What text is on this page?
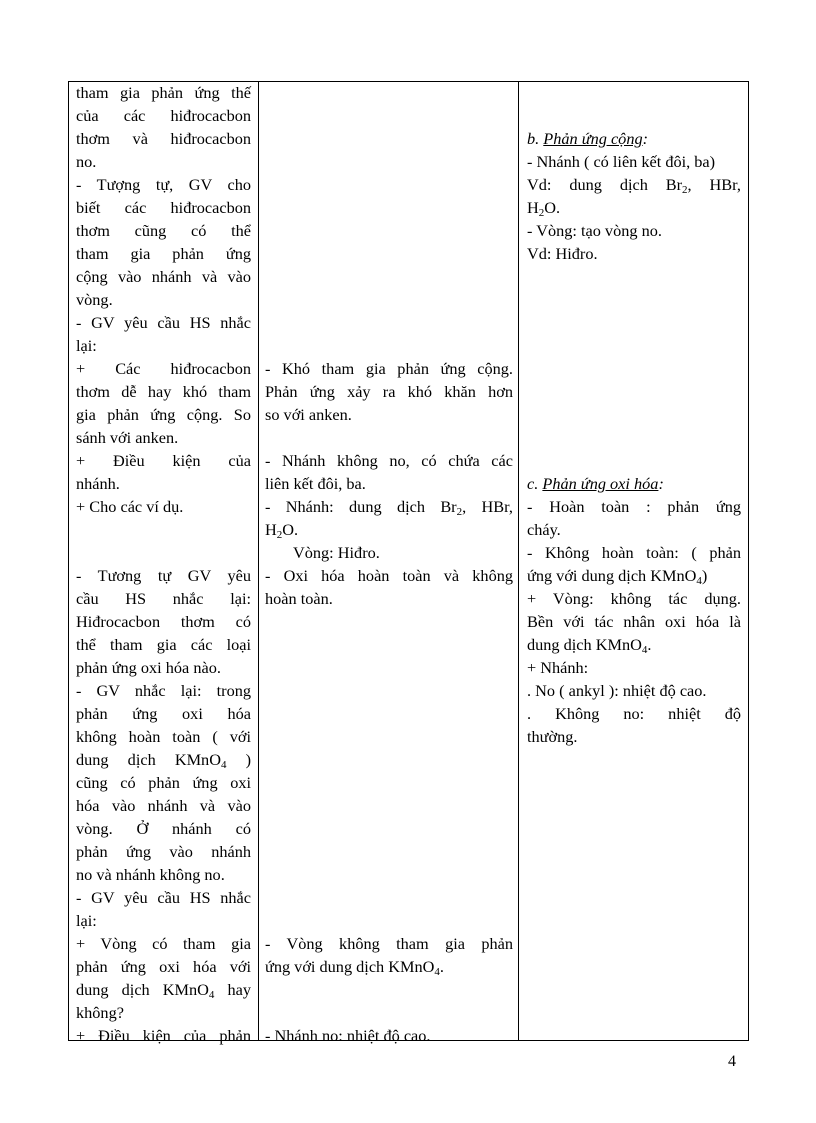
tham gia phản ứng thế
của các hiđrocacbon
thơm và hiđrocacbon
no.
- Tượng tự, GV cho
biết các hiđrocacbon
thơm cũng có thể
tham gia phản ứng
cộng vào nhánh và vào
vòng.
- GV yêu cầu HS nhắc
lại:
+ Các hiđrocacbon
thơm dễ hay khó tham
gia phản ứng cộng. So
sánh với anken.
+ Điều kiện của
nhánh.
+ Cho các ví dụ.
- Tương tự GV yêu
cầu HS nhắc lại:
Hiđrocacbon thơm có
thể tham gia các loại
phản ứng oxi hóa nào.
- GV nhắc lại: trong
phản ứng oxi hóa
không hoàn toàn ( với
dung dịch KMnO$_4$ )
cũng có phản ứng oxi
hóa vào nhánh và vào
vòng. Ở nhánh có
phản ứng vào nhánh
no và nhánh không no.
- GV yêu cầu HS nhắc
lại:
+ Vòng có tham gia
phản ứng oxi hóa với
dung dịch KMnO$_4$ hay
không?
+ Điều kiện của phản
- Khó tham gia phản ứng cộng.
Phản ứng xảy ra khó khăn hơn
so với anken.
- Nhánh không no, có chứa các
liên kết đôi, ba.
- Nhánh: dung dịch $Br_2$, HBr,
$H_2O$.
Vòng: Hiđro.
- Oxi hóa hoàn toàn và không
hoàn toàn.
- Vòng không tham gia phản
ứng với dung dịch KMnO$_4$.
- Nhánh no: nhiệt độ cao.
b. Phản ứng cộng:
- Nhánh ( có liên kết đôi, ba)
Vd: dung dịch $Br_2$, HBr,
$H_2O$.
- Vòng: tạo vòng no.
Vd: Hiđro.
c. Phản ứng oxi hóa:
- Hoàn toàn : phản ứng
cháy.
- Không hoàn toàn: ( phản
ứng với dung dịch KMnO$_4$)
+ Vòng: không tác dụng.
Bền với tác nhân oxi hóa là
dung dịch KMnO$_4$.
+ Nhánh:
. No ( ankyl ): nhiệt độ cao.
. Không no: nhiệt độ
thường.
4
